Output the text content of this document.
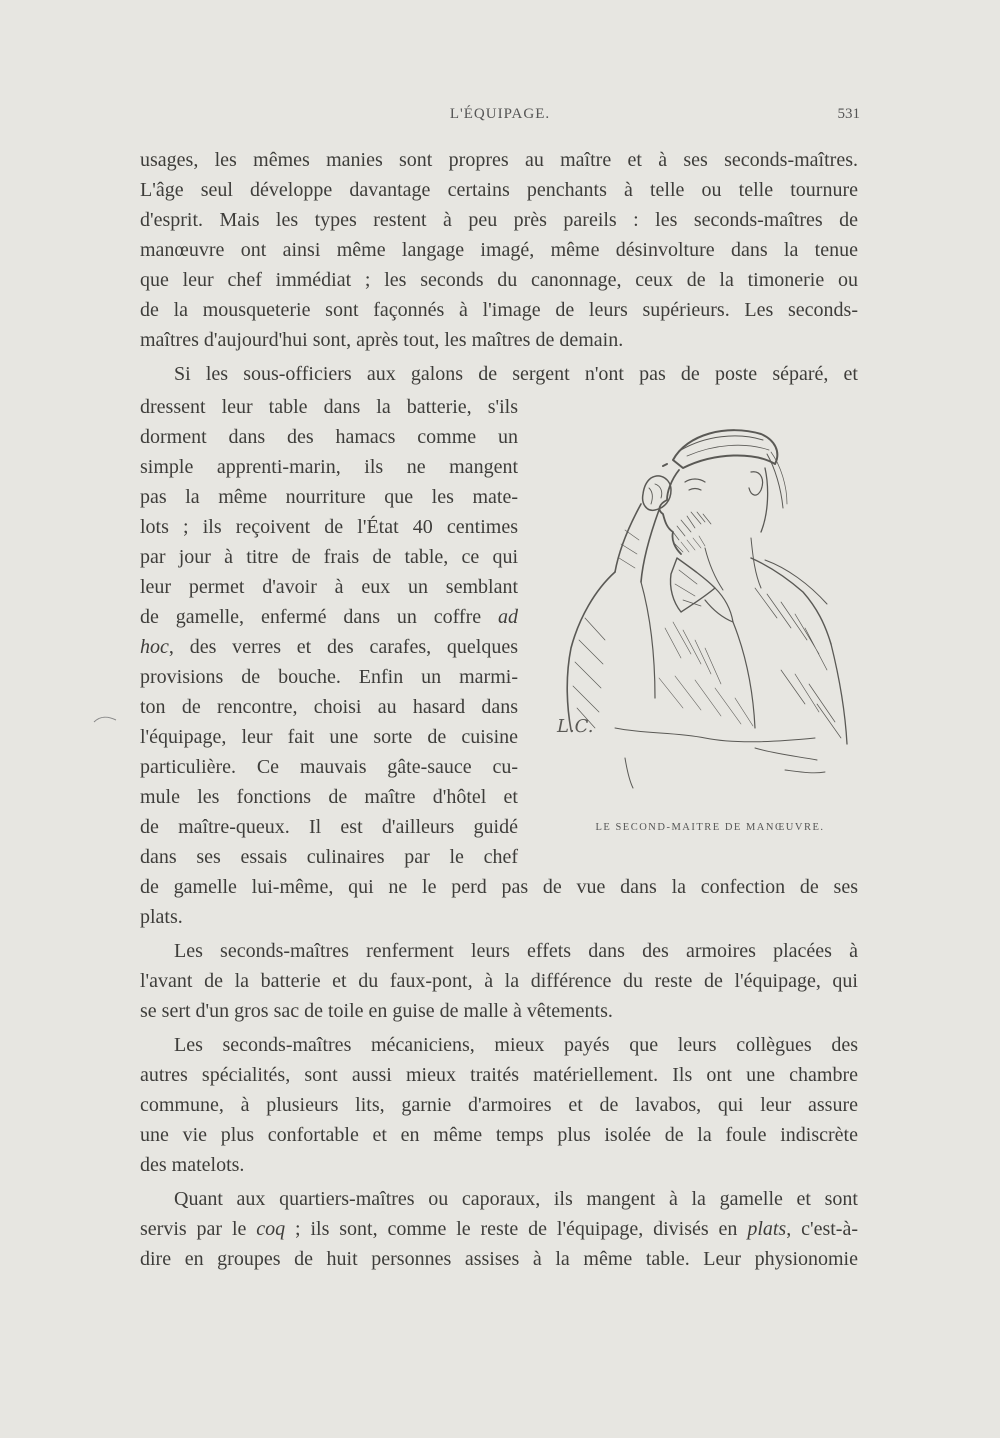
L'ÉQUIPAGE.	531
usages, les mêmes manies sont propres au maître et à ses seconds-maîtres.
L'âge seul développe davantage certains penchants à telle ou telle tournure
d'esprit. Mais les types restent à peu près pareils : les seconds-maîtres de
manœuvre ont ainsi même langage imagé, même désinvolture dans la tenue
que leur chef immédiat ; les seconds du canonnage, ceux de la timonerie ou
de la mousqueterie sont façonnés à l'image de leurs supérieurs. Les seconds-
maîtres d'aujourd'hui sont, après tout, les maîtres de demain.
Si les sous-officiers aux galons de sergent n'ont pas de poste séparé, et
dressent leur table dans la batterie, s'ils
dorment dans des hamacs comme un
simple apprenti-marin, ils ne mangent
pas la même nourriture que les mate-
lots ; ils reçoivent de l'État 40 centimes
par jour à titre de frais de table, ce qui
leur permet d'avoir à eux un semblant
de gamelle, enfermé dans un coffre ad
hoc, des verres et des carafes, quelques
provisions de bouche. Enfin un marmi-
ton de rencontre, choisi au hasard dans
l'équipage, leur fait une sorte de cuisine
particulière. Ce mauvais gâte-sauce cu-
mule les fonctions de maître d'hôtel et
de maître-queux. Il est d'ailleurs guidé
dans ses essais culinaires par le chef
de gamelle lui-même, qui ne le perd pas de vue dans la confection de ses
plats.
Les seconds-maîtres renferment leurs effets dans des armoires placées à
l'avant de la batterie et du faux-pont, à la différence du reste de l'équipage, qui
se sert d'un gros sac de toile en guise de malle à vêtements.
Les seconds-maîtres mécaniciens, mieux payés que leurs collègues des
autres spécialités, sont aussi mieux traités matériellement. Ils ont une chambre
commune, à plusieurs lits, garnie d'armoires et de lavabos, qui leur assure
une vie plus confortable et en même temps plus isolée de la foule indiscrète
des matelots.
Quant aux quartiers-maîtres ou caporaux, ils mangent à la gamelle et sont
servis par le coq ; ils sont, comme le reste de l'équipage, divisés en plats, c'est-à-
dire en groupes de huit personnes assises à la même table. Leur physionomie
L.C.
LE SECOND-MAITRE DE MANŒUVRE.
